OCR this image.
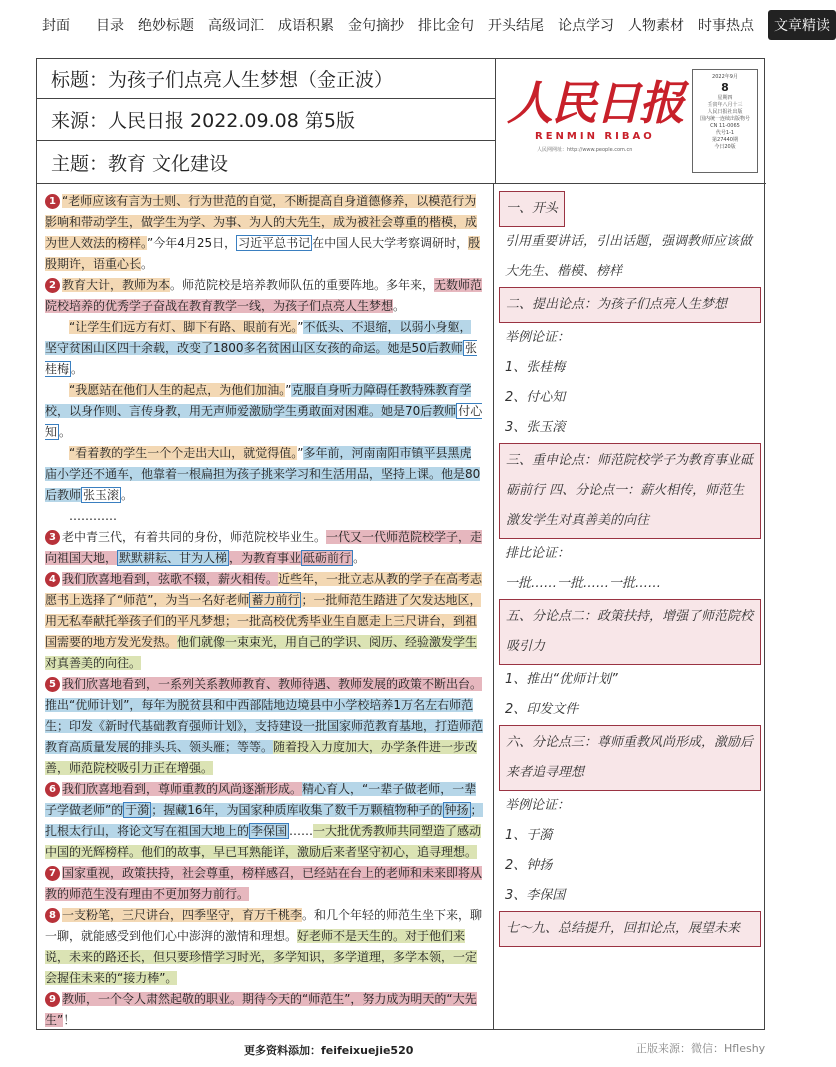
封面 目录 绝妙标题 高级词汇 成语积累 金句摘抄 排比金句 开头结尾 论点学习 人物素材 时事热点	文章精读
标题：为孩子们点亮人生梦想（金正波）
来源：人民日报 2022.09.08 第5版
主题：教育 文化建设
人民日报
RENMIN RIBAO
人民网网址：http://www.people.com.cn
2022年9月
8
星期四
壬寅年八月十三
人民日报社出版
国内统一连续出版物号
CN 11-0065
代号1-1
第27440期
今日20版

1 “老师应该有言为士则、行为世范的自觉，不断提高自身道德修养，以模范行为影响和带动学生，做学生为学、为事、为人的大先生，成为被社会尊重的楷模，成为世人效法的榜样。”今年4月25日， 习近平总书记 在中国人民大学考察调研时，殷殷期许，语重心长。

2 教育大计，教师为本。师范院校是培养教师队伍的重要阵地。多年来，无数师范院校培养的优秀学子奋战在教育教学一线，为孩子们点亮人生梦想。

“让学生们远方有灯、脚下有路、眼前有光。”不低头、不退缩，以弱小身躯，坚守贫困山区四十余载，改变了1800多名贫困山区女孩的命运。她是50后教师 张桂梅 。

“我愿站在他们人生的起点，为他们加油。”克服自身听力障碍任教特殊教育学校，以身作则、言传身教，用无声师爱激励学生勇敢面对困难。她是70后教师 付心知 。

“看着教的学生一个个走出大山，就觉得值。”多年前，河南南阳市镇平县黑虎庙小学还不通车，他靠着一根扁担为孩子挑来学习和生活用品，坚持上课。他是80后教师 张玉滚 。

…………

3 老中青三代，有着共同的身份，师范院校毕业生。一代又一代师范院校学子，走向祖国大地， 默默耕耘、甘为人梯 ，为教育事业 砥砺前行 。

4 我们欣喜地看到，弦歌不辍，薪火相传。近些年，一批立志从教的学子在高考志愿书上选择了“师范”，为当一名好老师 蓄力前行 ；一批师范生踏进了欠发达地区，用无私奉献托举孩子们的平凡梦想；一批高校优秀毕业生自愿走上三尺讲台，到祖国需要的地方发光发热。他们就像一束束光，用自己的学识、阅历、经验激发学生对真善美的向往。

5 我们欣喜地看到，一系列关系教师教育、教师待遇、教师发展的政策不断出台。推出“优师计划”，每年为脱贫县和中西部陆地边境县中小学校培养1万名左右师范生；印发《新时代基础教育强师计划》，支持建设一批国家师范教育基地，打造师范教育高质量发展的排头兵、领头雁；等等。随着投入力度加大，办学条件进一步改善，师范院校吸引力正在增强。

6 我们欣喜地看到，尊师重教的风尚逐渐形成。精心育人，“一辈子做老师，一辈子学做老师”的 于漪 ；握藏16年，为国家种质库收集了数千万颗植物种子的 钟扬 ；扎根太行山，将论文写在祖国大地上的 李保国 ……一大批优秀教师共同塑造了感动中国的光辉榜样。他们的故事，早已耳熟能详，激励后来者坚守初心，追寻理想。

7 国家重视，政策扶持，社会尊重，榜样感召，已经站在台上的老师和未来即将从教的师范生没有理由不更加努力前行。

8 一支粉笔，三尺讲台，四季坚守，育万千桃李。和几个年轻的师范生坐下来，聊一聊，就能感受到他们心中澎湃的激情和理想。好老师不是天生的。对于他们来说，未来的路还长，但只要珍惜学习时光，多学知识，多学道理，多学本领，一定会握住未来的“接力棒”。

9 教师，一个令人肃然起敬的职业。期待今天的“师范生”，努力成为明天的“大先生”！

一、开头
引用重要讲话，引出话题，强调教师应该做大先生、楷模、榜样
二、提出论点：为孩子们点亮人生梦想
举例论证：
1、张桂梅
2、付心知
3、张玉滚
三、重申论点：师范院校学子为教育事业砥砺前行 四、分论点一：薪火相传，师范生激发学生对真善美的向往
排比论证：
一批……一批……一批……
五、分论点二：政策扶持，增强了师范院校吸引力
1、推出“优师计划”
2、印发文件
六、分论点三：尊师重教风尚形成，激励后来者追寻理想
举例论证：
1、于漪
2、钟扬
3、李保国
七～九、总结提升，回扣论点，展望未来
更多资料添加：feifeixuejie520	正版来源：微信：Hfleshy
